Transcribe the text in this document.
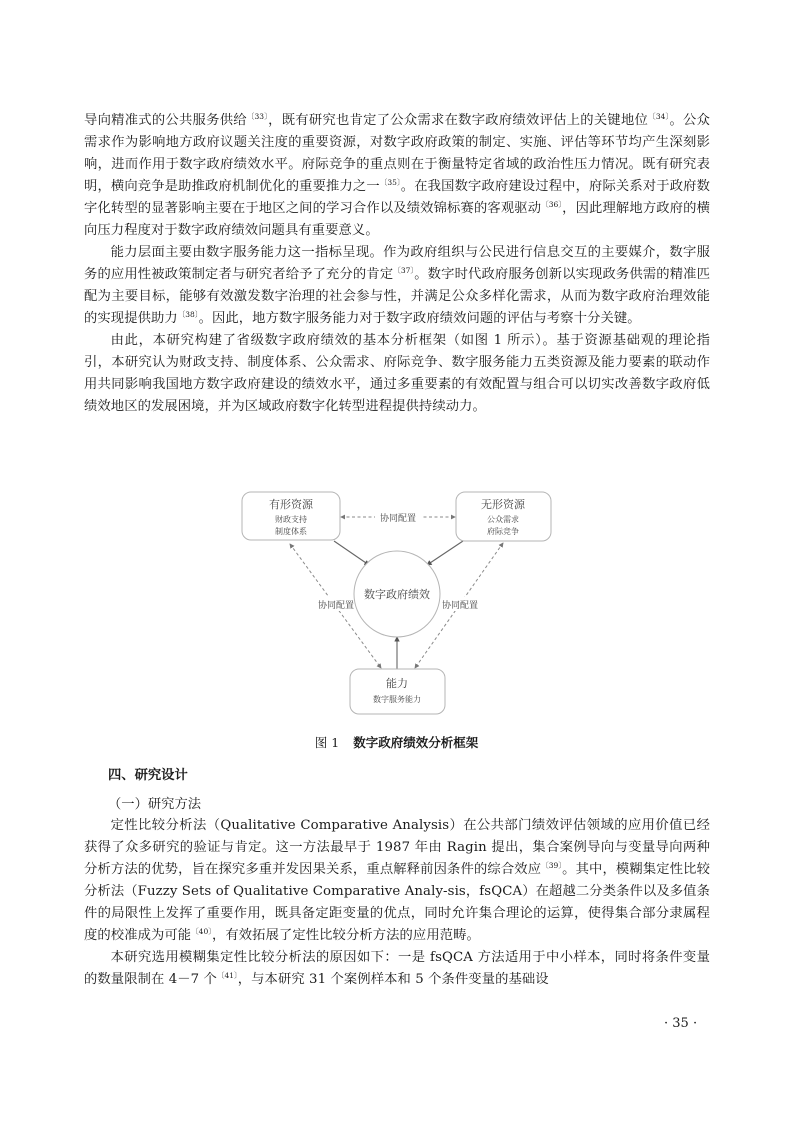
导向精准式的公共服务供给$^{〔33〕}$，既有研究也肯定了公众需求在数字政府绩效评估上的关键地位$^{〔34〕}$。公众需求作为影响地方政府议题关注度的重要资源，对数字政府政策的制定、实施、评估等环节均产生深刻影响，进而作用于数字政府绩效水平。府际竞争的重点则在于衡量特定省域的政治性压力情况。既有研究表明，横向竞争是助推政府机制优化的重要推力之一$^{〔35〕}$。在我国数字政府建设过程中，府际关系对于政府数字化转型的显著影响主要在于地区之间的学习合作以及绩效锦标赛的客观驱动$^{〔36〕}$，因此理解地方政府的横向压力程度对于数字政府绩效问题具有重要意义。

能力层面主要由数字服务能力这一指标呈现。作为政府组织与公民进行信息交互的主要媒介，数字服务的应用性被政策制定者与研究者给予了充分的肯定$^{〔37〕}$。数字时代政府服务创新以实现政务供需的精准匹配为主要目标，能够有效激发数字治理的社会参与性，并满足公众多样化需求，从而为数字政府治理效能的实现提供助力$^{〔38〕}$。因此，地方数字服务能力对于数字政府绩效问题的评估与考察十分关键。

由此，本研究构建了省级数字政府绩效的基本分析框架（如图 1 所示）。基于资源基础观的理论指引，本研究认为财政支持、制度体系、公众需求、府际竞争、数字服务能力五类资源及能力要素的联动作用共同影响我国地方数字政府建设的绩效水平，通过多重要素的有效配置与组合可以切实改善数字政府低绩效地区的发展困境，并为区域政府数字化转型进程提供持续动力。

协同配置
协同配置	协同配置
有形资源
财政支持
制度体系
无形资源
公众需求
府际竞争
数字政府绩效
能力
数字服务能力
图 1 数字政府绩效分析框架
四、研究设计
（一）研究方法

定性比较分析法（Qualitative Comparative Analysis）在公共部门绩效评估领域的应用价值已经获得了众多研究的验证与肯定。这一方法最早于 1987 年由 Ragin 提出，集合案例导向与变量导向两种分析方法的优势，旨在探究多重并发因果关系，重点解释前因条件的综合效应$^{〔39〕}$。其中，模糊集定性比较分析法（Fuzzy Sets of Qualitative Comparative Analy-sis，fsQCA）在超越二分类条件以及多值条件的局限性上发挥了重要作用，既具备定距变量的优点，同时允许集合理论的运算，使得集合部分隶属程度的校准成为可能$^{〔40〕}$，有效拓展了定性比较分析方法的应用范畴。

本研究选用模糊集定性比较分析法的原因如下：一是 fsQCA 方法适用于中小样本，同时将条件变量的数量限制在 4－7 个$^{〔41〕}$，与本研究 31 个案例样本和 5 个条件变量的基础设

· 35 ·
